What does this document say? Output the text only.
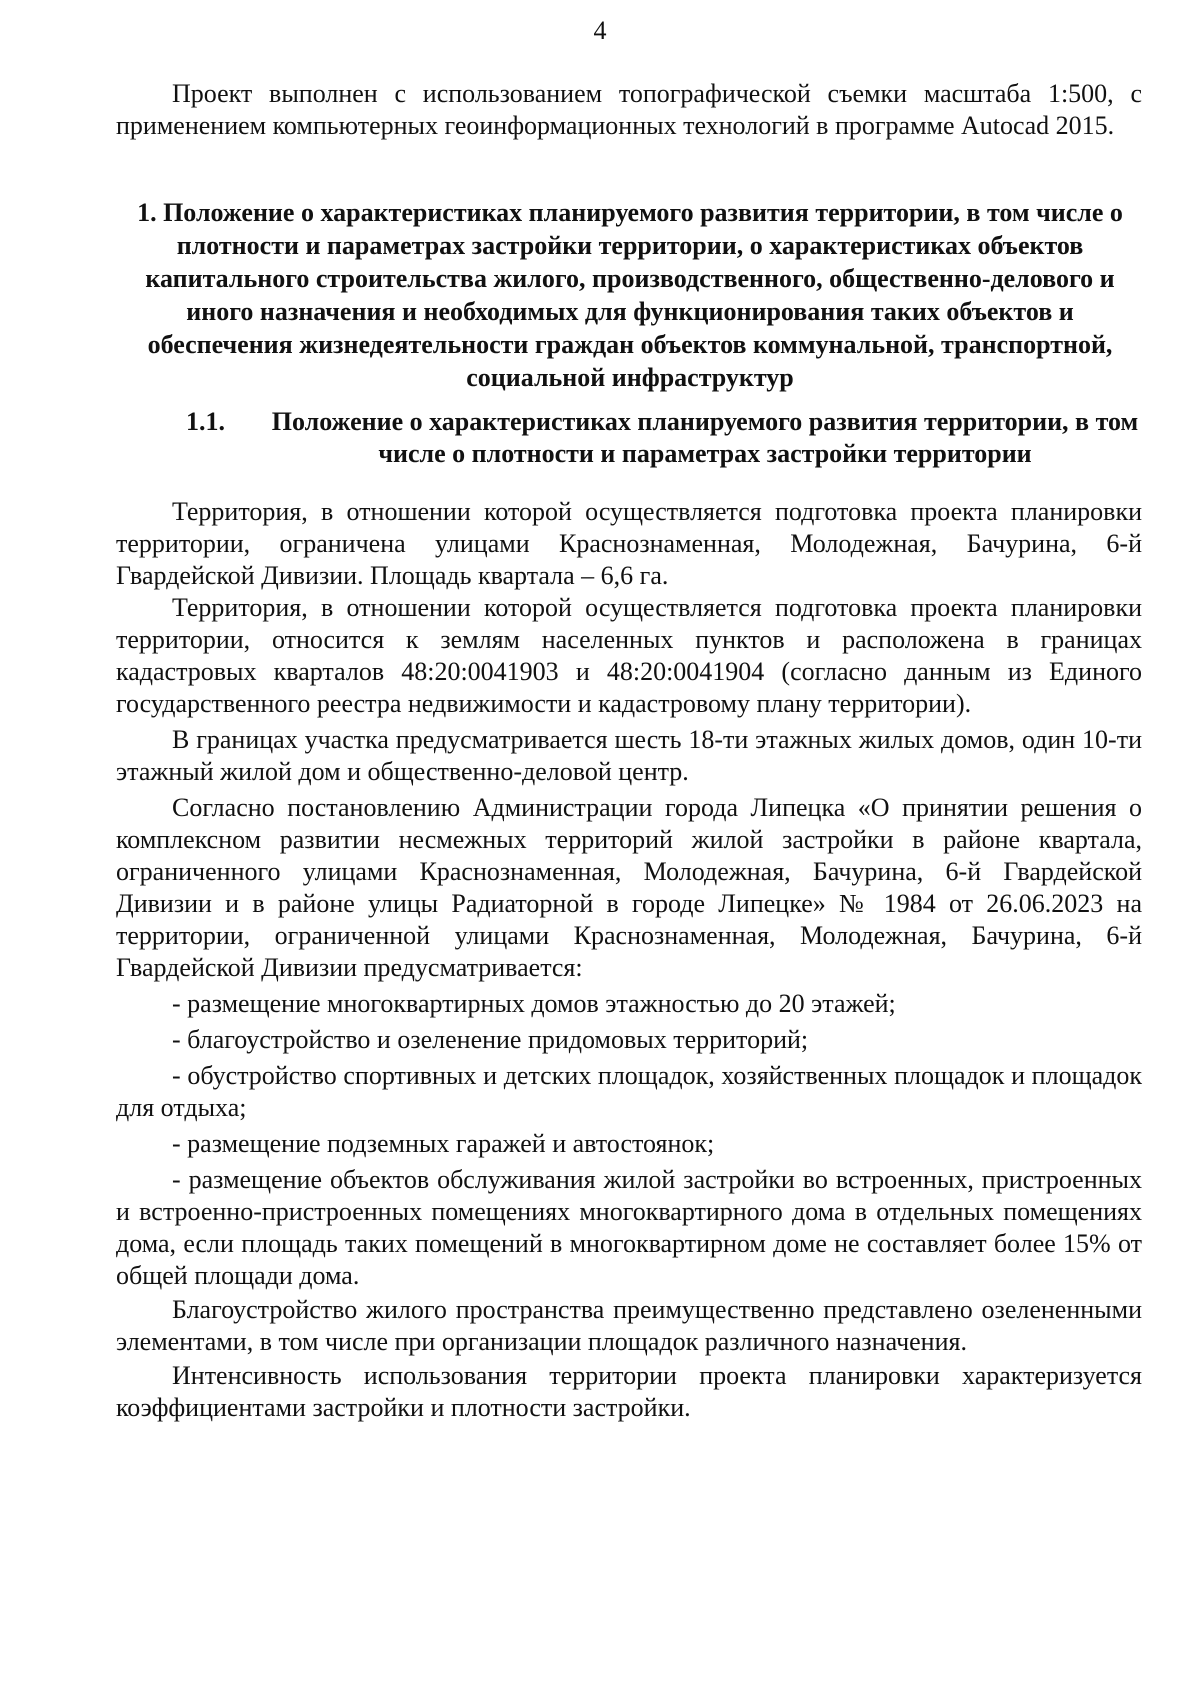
4

Проект выполнен с использованием топографической съемки масштаба 1:500, с применением компьютерных геоинформационных технологий в программе Autocad 2015.

1. Положение о характеристиках планируемого развития территории, в том числе о плотности и параметрах застройки территории, о характеристиках объектов капитального строительства жилого, производственного, общественно-делового и иного назначения и необходимых для функционирования таких объектов и обеспечения жизнедеятельности граждан объектов коммунальной, транспортной, социальной инфраструктур

1.1. Положение о характеристиках планируемого развития территории, в том числе о плотности и параметрах застройки территории

Территория, в отношении которой осуществляется подготовка проекта планировки территории, ограничена улицами Краснознаменная, Молодежная, Бачурина, 6-й Гвардейской Дивизии. Площадь квартала – 6,6 га.

Территория, в отношении которой осуществляется подготовка проекта планировки территории, относится к землям населенных пунктов и расположена в границах кадастровых кварталов 48:20:0041903 и 48:20:0041904 (согласно данным из Единого государственного реестра недвижимости и кадастровому плану территории).

В границах участка предусматривается шесть 18-ти этажных жилых домов, один 10-ти этажный жилой дом и общественно-деловой центр.

Согласно постановлению Администрации города Липецка «О принятии решения о комплексном развитии несмежных территорий жилой застройки в районе квартала, ограниченного улицами Краснознаменная, Молодежная, Бачурина, 6-й Гвардейской Дивизии и в районе улицы Радиаторной в городе Липецке» № 1984 от 26.06.2023 на территории, ограниченной улицами Краснознаменная, Молодежная, Бачурина, 6-й Гвардейской Дивизии предусматривается:

- размещение многоквартирных домов этажностью до 20 этажей;

- благоустройство и озеленение придомовых территорий;

- обустройство спортивных и детских площадок, хозяйственных площадок и площадок для отдыха;

- размещение подземных гаражей и автостоянок;

- размещение объектов обслуживания жилой застройки во встроенных, пристроенных и встроенно-пристроенных помещениях многоквартирного дома в отдельных помещениях дома, если площадь таких помещений в многоквартирном доме не составляет более 15% от общей площади дома.

Благоустройство жилого пространства преимущественно представлено озелененными элементами, в том числе при организации площадок различного назначения.

Интенсивность использования территории проекта планировки характеризуется коэффициентами застройки и плотности застройки.
